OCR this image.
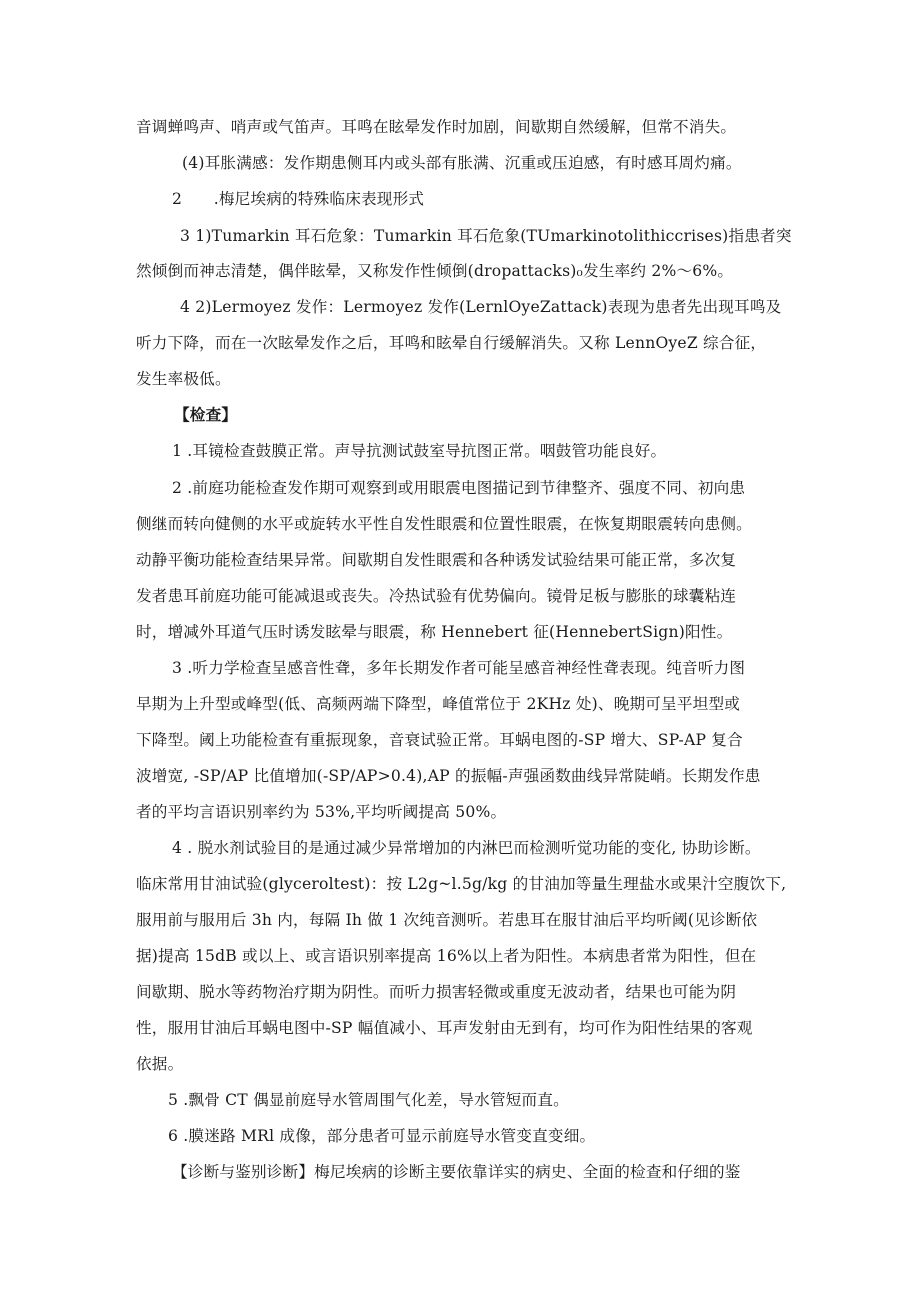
音调蝉鸣声、哨声或气笛声。耳鸣在眩晕发作时加剧，间歇期自然缓解，但常不消失。
(4)耳胀满感：发作期患侧耳内或头部有胀满、沉重或压迫感，有时感耳周灼痛。
2  .梅尼埃病的特殊临床表现形式
3 1)Tumarkin 耳石危象：Tumarkin 耳石危象(TUmarkinotolithiccrises)指患者突
然倾倒而神志清楚，偶伴眩晕，又称发作性倾倒(dropattacks)₀发生率约 2%～6%。
4 2)Lermoyez 发作：Lermoyez 发作(LernlOyeZattack)表现为患者先出现耳鸣及
听力下降，而在一次眩晕发作之后，耳鸣和眩晕自行缓解消失。又称 LennOyeZ 综合征，
发生率极低。
【检查】
1 .耳镜检查鼓膜正常。声导抗测试鼓室导抗图正常。咽鼓管功能良好。
2 .前庭功能检查发作期可观察到或用眼震电图描记到节律整齐、强度不同、初向患
侧继而转向健侧的水平或旋转水平性自发性眼震和位置性眼震，在恢复期眼震转向患侧。
动静平衡功能检查结果异常。间歇期自发性眼震和各种诱发试验结果可能正常，多次复
发者患耳前庭功能可能减退或丧失。冷热试验有优势偏向。镜骨足板与膨胀的球囊粘连
时，增减外耳道气压时诱发眩晕与眼震，称 Hennebert 征(HennebertSign)阳性。
3 .听力学检查呈感音性聋，多年长期发作者可能呈感音神经性聋表现。纯音听力图
早期为上升型或峰型(低、高频两端下降型，峰值常位于 2KHz 处)、晚期可呈平坦型或
下降型。阈上功能检查有重振现象，音衰试验正常。耳蜗电图的-SP 增大、SP-AP 复合
波增宽, -SP/AP 比值增加(-SP/AP>0.4),AP 的振幅-声强函数曲线异常陡峭。长期发作患
者的平均言语识别率约为 53%,平均听阈提高 50%。
4 . 脱水剂试验目的是通过减少异常增加的内淋巴而检测听觉功能的变化, 协助诊断。
临床常用甘油试验(glyceroltest)：按 L2g~l.5g/kg 的甘油加等量生理盐水或果汁空腹饮下,
服用前与服用后 3h 内，每隔 Ih 做 1 次纯音测听。若患耳在服甘油后平均听阈(见诊断依
据)提高 15dB 或以上、或言语识别率提高 16%以上者为阳性。本病患者常为阳性，但在
间歇期、脱水等药物治疗期为阴性。而听力损害轻微或重度无波动者，结果也可能为阴
性，服用甘油后耳蜗电图中-SP 幅值减小、耳声发射由无到有，均可作为阳性结果的客观
依据。
5 .飘骨 CT 偶显前庭导水管周围气化差，导水管短而直。
6 .膜迷路 MRl 成像，部分患者可显示前庭导水管变直变细。
【诊断与鉴别诊断】梅尼埃病的诊断主要依靠详实的病史、全面的检查和仔细的鉴
